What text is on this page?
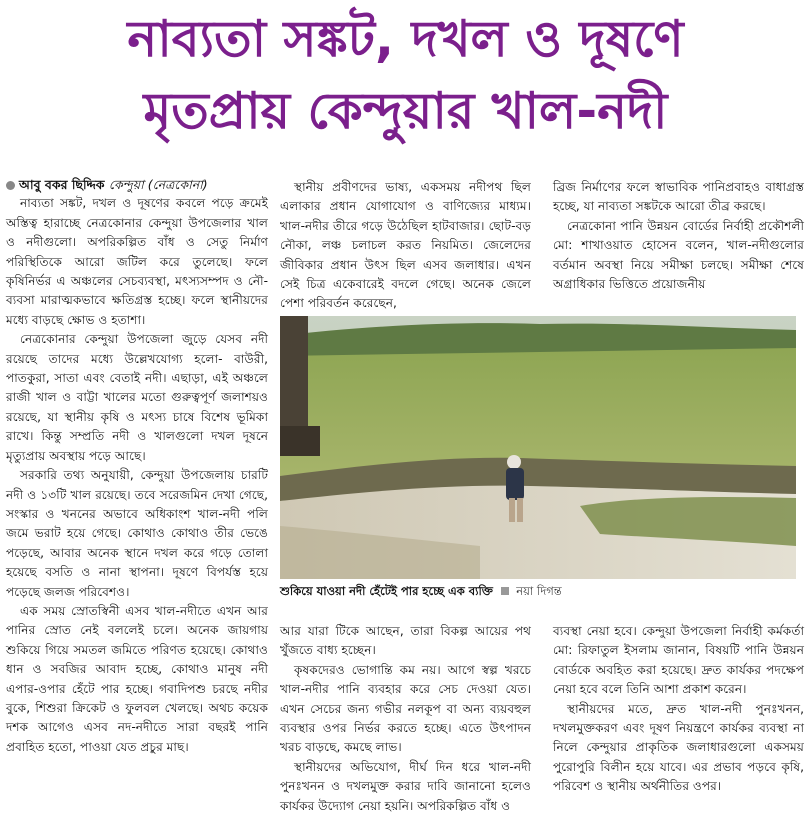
নাব্যতা সঙ্কট, দখল ও দূষণে
মৃতপ্রায় কেন্দুয়ার খাল-নদী

আবু বকর ছিদ্দিক কেন্দুয়া (নেত্রকোনা)

নাব্যতা সঙ্কট, দখল ও দূষণের কবলে পড়ে ক্রমেই অস্তিত্ব হারাচ্ছে নেত্রকোনার কেন্দুয়া উপজেলার খাল ও নদীগুলো। অপরিকল্পিত বাঁধ ও সেতু নির্মাণ পরিস্থিতিকে আরো জটিল করে তুলেছে। ফলে কৃষিনির্ভর এ অঞ্চলের সেচব্যবস্থা, মৎস্যসম্পদ ও নৌ-ব্যবসা মারাত্মকভাবে ক্ষতিগ্রস্ত হচ্ছে। ফলে স্থানীয়দের মধ্যে বাড়ছে ক্ষোভ ও হতাশা।

নেত্রকোনার কেন্দুয়া উপজেলা জুড়ে যেসব নদী রয়েছে তাদের মধ্যে উল্লেখযোগ্য হলো- বাউরী, পাতকুরা, সাতা এবং বেতাই নদী। এছাড়া, এই অঞ্চলে রাজী খাল ও বাট্টা খালের মতো গুরুত্বপূর্ণ জলাশয়ও রয়েছে, যা স্থানীয় কৃষি ও মৎস্য চাষে বিশেষ ভূমিকা রাখে। কিন্তু সম্প্রতি নদী ও খালগুলো দখল দূষনে মৃত্যুপ্রায় অবস্থায় পড়ে আছে।

সরকারি তথ্য অনুযায়ী, কেন্দুয়া উপজেলায় চারটি নদী ও ১৩টি খাল রয়েছে। তবে সরেজমিন দেখা গেছে, সংস্কার ও খননের অভাবে অধিকাংশ খাল-নদী পলি জমে ভরাট হয়ে গেছে। কোথাও কোথাও তীর ভেঙে পড়েছে, আবার অনেক স্থানে দখল করে গড়ে তোলা হয়েছে বসতি ও নানা স্থাপনা। দূষণে বিপর্যস্ত হয়ে পড়েছে জলজ পরিবেশও।

এক সময় স্রোতস্বিনী এসব খাল-নদীতে এখন আর পানির স্রোত নেই বললেই চলে। অনেক জায়গায় শুকিয়ে গিয়ে সমতল জমিতে পরিণত হয়েছে। কোথাও ধান ও সবজির আবাদ হচ্ছে, কোথাও মানুষ নদী এপার-ওপার হেঁটে পার হচ্ছে। গবাদিপশু চরছে নদীর বুকে, শিশুরা ক্রিকেট ও ফুলবল খেলছে। অথচ কয়েক দশক আগেও এসব নদ-নদীতে সারা বছরই পানি প্রবাহিত হতো, পাওয়া যেত প্রচুর মাছ।

স্থানীয় প্রবীণদের ভাষ্য, একসময় নদীপথ ছিল এলাকার প্রধান যোগাযোগ ও বাণিজ্যের মাধ্যম। খাল-নদীর তীরে গড়ে উঠেছিল হাটবাজার। ছোট-বড় নৌকা, লঞ্চ চলাচল করত নিয়মিত। জেলেদের জীবিকার প্রধান উৎস ছিল এসব জলাধার। এখন সেই চিত্র একেবারেই বদলে গেছে। অনেক জেলে পেশা পরিবর্তন করেছেন,

ব্রিজ নির্মাণের ফলে স্বাভাবিক পানিপ্রবাহও বাধাগ্রস্ত হচ্ছে, যা নাব্যতা সঙ্কটকে আরো তীব্র করছে।

নেত্রকোনা পানি উন্নয়ন বোর্ডের নির্বাহী প্রকৌশলী মো: শাখাওয়াত হোসেন বলেন, খাল-নদীগুলোর বর্তমান অবস্থা নিয়ে সমীক্ষা চলছে। সমীক্ষা শেষে অগ্রাধিকার ভিত্তিতে প্রয়োজনীয়

শুকিয়ে যাওয়া নদী হেঁটেই পার হচ্ছে এক ব্যক্তি নয়া দিগন্ত

আর যারা টিকে আছেন, তারা বিকল্প আয়ের পথ খুঁজতে বাধ্য হচ্ছেন।

কৃষকদেরও ভোগান্তি কম নয়। আগে স্বল্প খরচে খাল-নদীর পানি ব্যবহার করে সেচ দেওয়া যেত। এখন সেচের জন্য গভীর নলকূপ বা অন্য ব্যয়বহুল ব্যবস্থার ওপর নির্ভর করতে হচ্ছে। এতে উৎপাদন খরচ বাড়ছে, কমছে লাভ।

স্থানীয়দের অভিযোগ, দীর্ঘ দিন ধরে খাল-নদী পুনঃখনন ও দখলমুক্ত করার দাবি জানানো হলেও কার্যকর উদ্যোগ নেয়া হয়নি। অপরিকল্পিত বাঁধ ও

ব্যবস্থা নেয়া হবে। কেন্দুয়া উপজেলা নির্বাহী কর্মকর্তা মো: রিফাতুল ইসলাম জানান, বিষয়টি পানি উন্নয়ন বোর্ডকে অবহিত করা হয়েছে। দ্রুত কার্যকর পদক্ষেপ নেয়া হবে বলে তিনি আশা প্রকাশ করেন।

স্থানীয়দের মতে, দ্রুত খাল-নদী পুনঃখনন, দখলমুক্তকরণ এবং দূষণ নিয়ন্ত্রণে কার্যকর ব্যবস্থা না নিলে কেন্দুয়ার প্রাকৃতিক জলাধারগুলো একসময় পুরোপুরি বিলীন হয়ে যাবে। এর প্রভাব পড়বে কৃষি, পরিবেশ ও স্থানীয় অর্থনীতির ওপর।
